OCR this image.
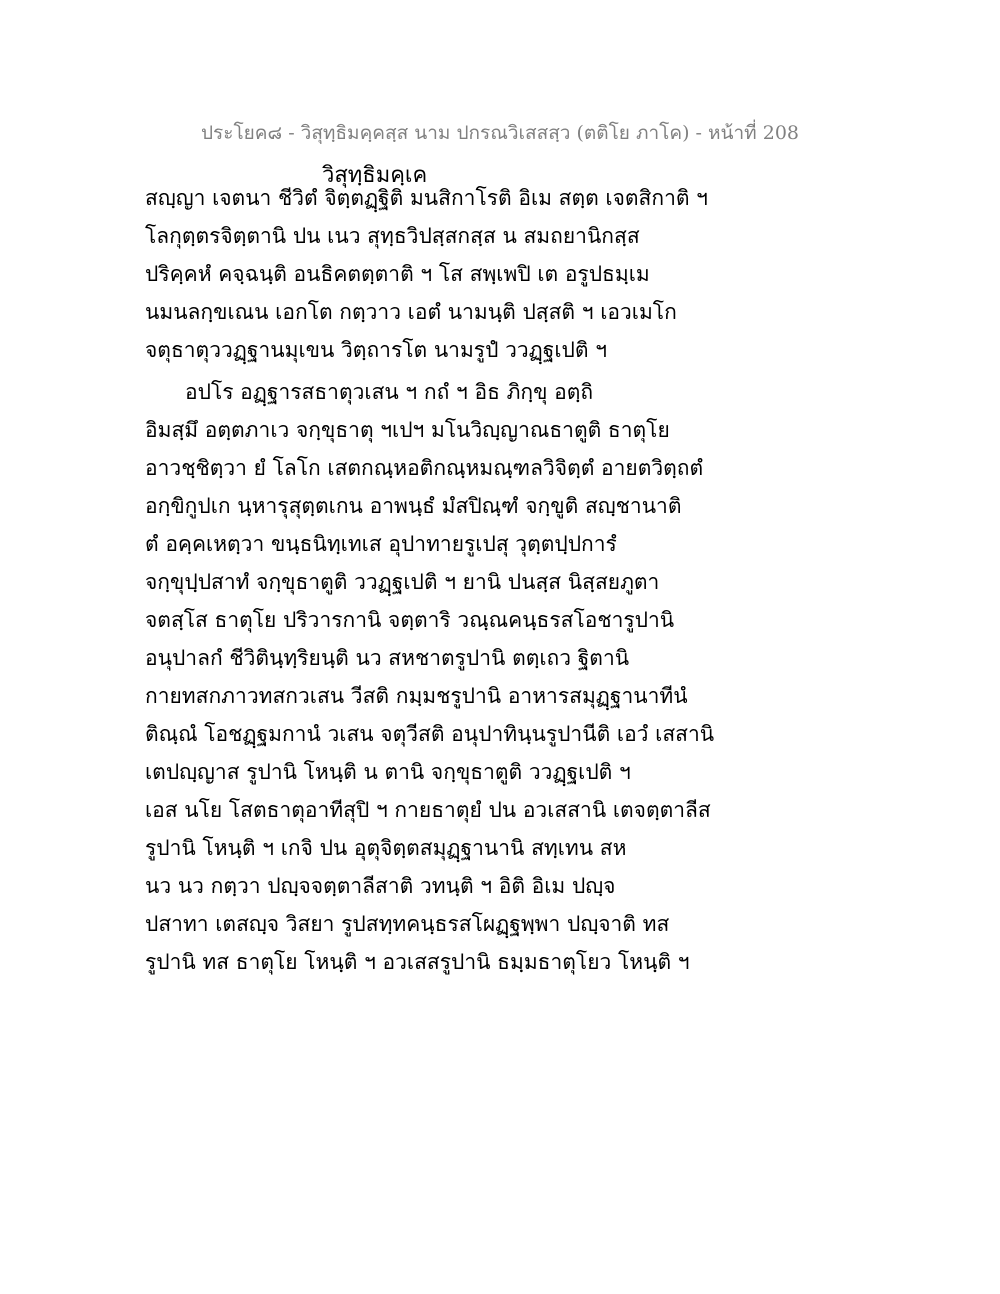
ประโยค๘ - วิสุทฺธิมคฺคสฺส นาม ปกรณวิเสสสฺว (ตติโย ภาโค) - หน้าที่ 208
วิสุทฺธิมคฺเค
สญฺญา เจตนา ชีวิตํ จิตฺตฏฺฐิติ มนสิกาโรติ อิเม สตฺต เจตสิกาติ ฯ
โลกุตฺตรจิตฺตานิ ปน เนว สุทฺธวิปสฺสกสฺส น สมถยานิกสฺส
ปริคฺคหํ คจฺฉนฺติ อนธิคตตฺตาติ ฯ โส สพฺเพปิ เต อรูปธมฺเม
นมนลกฺขเณน เอกโต กตฺวาว เอตํ นามนฺติ ปสฺสติ ฯ เอวเมโก
จตุธาตุววฏฺฐานมุเขน วิตฺถารโต นามรูปํ ววฏฺฐเปติ ฯ
อปโร อฏฺฐารสธาตุวเสน ฯ กถํ ฯ อิธ ภิกฺขุ อตฺถิ
อิมสฺมึ อตฺตภาเว จกฺขุธาตุ ฯเปฯ มโนวิญฺญาณธาตูติ ธาตุโย
อาวชฺชิตฺวา ยํ โลโก เสตกณฺหอติกณฺหมณฺฑลวิจิตฺตํ อายตวิตฺถตํ
อกฺขิกูปเก นฺหารุสุตฺตเกน อาพนฺธํ มํสปิณฺฑํ จกฺขูติ สญฺชานาติ
ตํ อคฺคเหตฺวา ขนฺธนิทฺเทเส อุปาทายรูเปสุ วุตฺตปฺปการํ
จกฺขุปฺปสาทํ จกฺขุธาตูติ ววฏฺฐเปติ ฯ ยานิ ปนสฺส นิสฺสยภูตา
จตสฺโส ธาตุโย ปริวารกานิ จตฺตาริ วณฺณคนฺธรสโอชารูปานิ
อนุปาลกํ ชีวิตินฺทฺริยนฺติ นว สหชาตรูปานิ ตตฺเถว ฐิตานิ
กายทสกภาวทสกวเสน วีสติ กมฺมชรูปานิ อาหารสมุฏฺฐานาทีนํ
ติณฺณํ โอชฏฺฐมกานํ วเสน จตุวีสติ อนุปาทินฺนรูปานีติ เอวํ เสสานิ
เตปญฺญาส รูปานิ โหนฺติ น ตานิ จกฺขุธาตูติ ววฏฺฐเปติ ฯ
เอส นโย โสตธาตุอาทีสุปิ ฯ กายธาตุยํ ปน อวเสสานิ เตจตฺตาลีส
รูปานิ โหนฺติ ฯ เกจิ ปน อุตุจิตฺตสมุฏฺฐานานิ สทฺเทน สห
นว นว กตฺวา ปญฺจจตฺตาลีสาติ วทนฺติ ฯ อิติ อิเม ปญฺจ
ปสาทา เตสญฺจ วิสยา รูปสทฺทคนฺธรสโผฏฺฐพฺพา ปญฺจาติ ทส
รูปานิ ทส ธาตุโย โหนฺติ ฯ อวเสสรูปานิ ธมฺมธาตุโยว โหนฺติ ฯ
